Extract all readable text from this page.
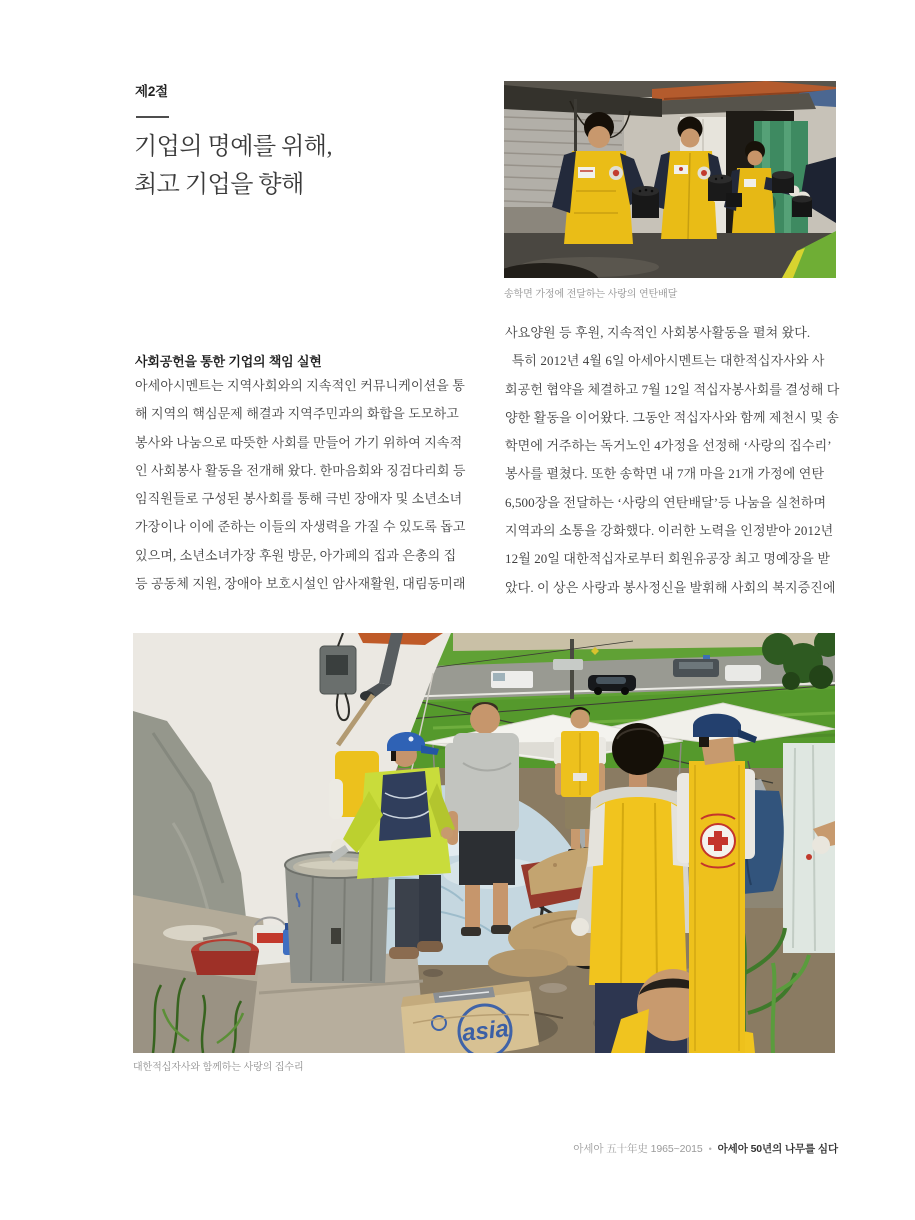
제2절
기업의 명예를 위해,
최고 기업을 향해
송학면 가정에 전달하는 사랑의 연탄배달
사회공헌을 통한 기업의 책임 실현
아세아시멘트는 지역사회와의 지속적인 커뮤니케이션을 통
해 지역의 핵심문제 해결과 지역주민과의 화합을 도모하고
봉사와 나눔으로 따뜻한 사회를 만들어 가기 위하여 지속적
인 사회봉사 활동을 전개해 왔다. 한마음회와 징검다리회 등
임직원들로 구성된 봉사회를 통해 극빈 장애자 및 소년소녀
가장이나 이에 준하는 이들의 자생력을 가질 수 있도록 돕고
있으며, 소년소녀가장 후원 방문, 아가페의 집과 은총의 집
등 공동체 지원, 장애아 보호시설인 암사재활원, 대림동미래
사요양원 등 후원, 지속적인 사회봉사활동을 펼쳐 왔다.
특히 2012년 4월 6일 아세아시멘트는 대한적십자사와 사
회공헌 협약을 체결하고 7월 12일 적십자봉사회를 결성해 다
양한 활동을 이어왔다. 그동안 적십자사와 함께 제천시 및 송
학면에 거주하는 독거노인 4가정을 선정해 ‘사랑의 집수리’
봉사를 펼쳤다. 또한 송학면 내 7개 마을 21개 가정에 연탄
6,500장을 전달하는 ‘사랑의 연탄배달’등 나눔을 실천하며
지역과의 소통을 강화했다. 이러한 노력을 인정받아 2012년
12월 20일 대한적십자로부터 회원유공장 최고 명예장을 받
았다. 이 상은 사랑과 봉사정신을 발휘해 사회의 복지증진에
asia
대한적십자사와 함께하는 사랑의 집수리
아세아 五十年史 1965~2015 • 아세아 50년의 나무를 심다
